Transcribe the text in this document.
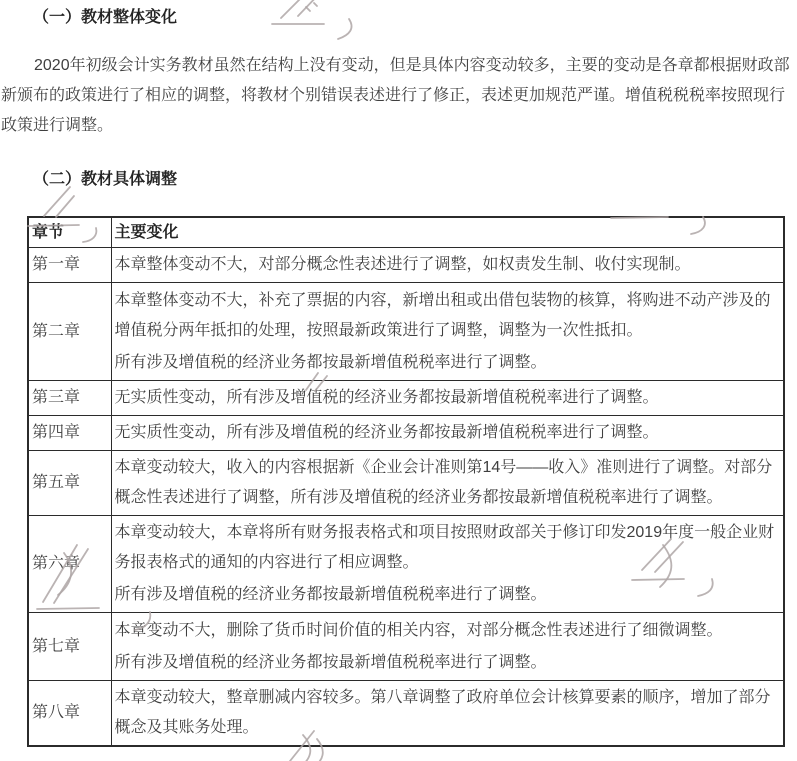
（一）教材整体变化

2020年初级会计实务教材虽然在结构上没有变动，但是具体内容变动较多，主要的变动是各章都根据财政部新颁布的政策进行了相应的调整，将教材个别错误表述进行了修正，表述更加规范严谨。增值税税税率按照现行政策进行调整。

（二）教材具体调整
章节	主要变化
第一章	本章整体变动不大，对部分概念性表述进行了调整，如权责发生制、收付实现制。

第二章	本章整体变动不大，补充了票据的内容，新增出租或出借包装物的核算，将购进不动产涉及的增值税分两年抵扣的处理，按照最新政策进行了调整，调整为一次性抵扣。

所有涉及增值税的经济业务都按最新增值税税率进行了调整。

第三章	无实质性变动，所有涉及增值税的经济业务都按最新增值税税率进行了调整。

第四章	无实质性变动，所有涉及增值税的经济业务都按最新增值税税率进行了调整。

第五章	本章变动较大，收入的内容根据新《企业会计准则第14号——收入》准则进行了调整。对部分概念性表述进行了调整，所有涉及增值税的经济业务都按最新增值税税率进行了调整。

第六章	本章变动较大，本章将所有财务报表格式和项目按照财政部关于修订印发2019年度一般企业财务报表格式的通知的内容进行了相应调整。

所有涉及增值税的经济业务都按最新增值税税率进行了调整。

第七章	本章变动不大，删除了货币时间价值的相关内容，对部分概念性表述进行了细微调整。

所有涉及增值税的经济业务都按最新增值税税率进行了调整。

第八章	本章变动较大，整章删减内容较多。第八章调整了政府单位会计核算要素的顺序，增加了部分概念及其账务处理。
